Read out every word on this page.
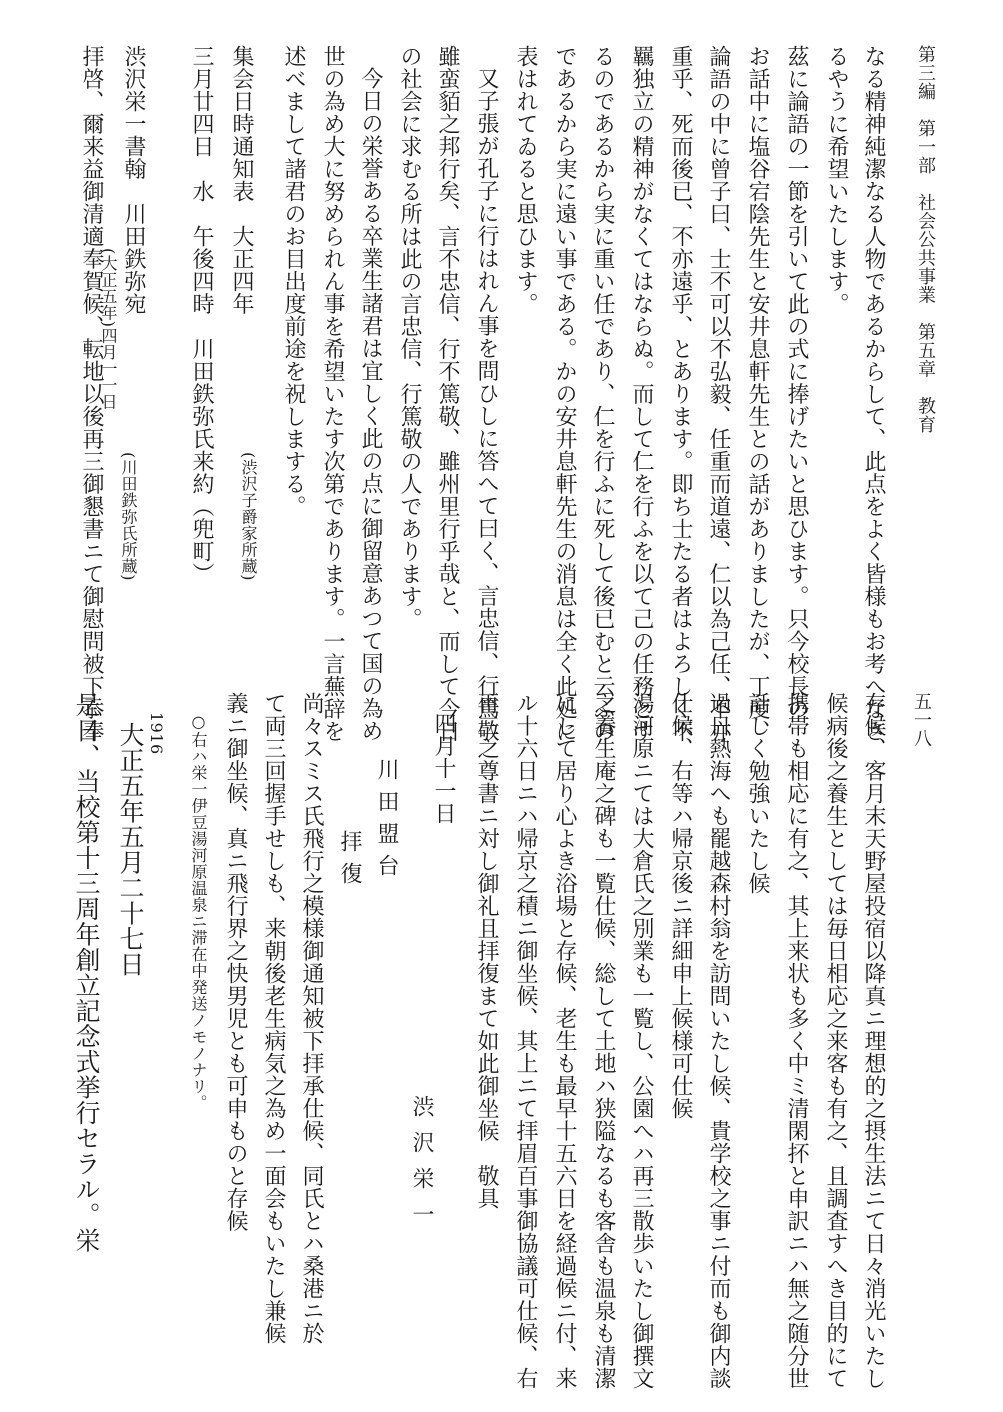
第三編　第一部　社会公共事業　第五章　教育
五一八
なる精神純潔なる人物であるからして、此点をよく皆様もお考へなさ
るやうに希望いたします。
茲に論語の一節を引いて此の式に捧げたいと思ひます。只今校長の
お話中に塩谷宕陰先生と安井息軒先生との話がありましたが、丁度、
論語の中に曾子曰、士不可以不弘毅、任重而道遠、仁以為己任、不亦
重乎、死而後已、不亦遠乎、とあります。即ち士たる者はよろしく不
羈独立の精神がなくてはならぬ。而して仁を行ふを以て己の任務とす
るのであるから実に重い任であり、仁を行ふに死して後已むと云ふの
であるから実に遠い事である。かの安井息軒先生の消息は全く此処に
表はれてゐると思ひます。
又子張が孔子に行はれん事を問ひしに答へて曰く、言忠信、行篤敬
雖蛮貊之邦行矣、言不忠信、行不篤敬、雖州里行乎哉と、而して今日
の社会に求むる所は此の言忠信、行篤敬の人であります。
今日の栄誉ある卒業生諸君は宜しく此の点に御留意あつて国の為め
世の為め大に努められん事を希望いたす次第であります。一言蕪辞を
述べまして諸君のお目出度前途を祝しまする。
(渋沢子爵家所蔵)
集会日時通知表　大正四年
三月廿四日　水　午後四時　川田鉄弥氏来約（兜町）
(川田鉄弥氏所蔵)
渋沢栄一書翰　川田鉄弥宛
(大正五年)四月一一日
拝啓、爾来益御清適奉賀候、転地以後再三御懇書ニて御慰問被下忝奉
存候、客月末天野屋投宿以降真ニ理想的之摂生法ニて日々消光いたし
候病後之養生としては毎日相応之来客も有之、且調査すへき目的にて
携帯も相応に有之、其上来状も多く中ミ清閑抔と申訳ニハ無之随分世
話しく勉強いたし候
過日熱海へも罷越森村翁を訪問いたし候、貴学校之事ニ付而も御内談
仕候、右等ハ帰京後ニ詳細申上候様可仕候
湯河原ニては大倉氏之別業も一覧し、公園へハ再三散歩いたし御撰文
之養生庵之碑も一覧仕候、総して土地ハ狭隘なるも客舎も温泉も清潔
にして居り心よき浴場と存候、老生も最早十五六日を経過候ニ付、来
ル十六日ニハ帰京之積ニ御坐候、其上ニて拝眉百事御協議可仕候、右
再三之尊書ニ対し御礼且拝復まて如此御坐候　敬具
四月十一日
渋沢栄一
川田盟台
拝復
尚々スミス氏飛行之模様御通知被下拝承仕候、同氏とハ桑港ニ於
て両三回握手せしも、来朝後老生病気之為め一面会もいたし兼候
義ニ御坐候、真ニ飛行界之快男児とも可申ものと存候
○右ハ栄一伊豆湯河原温泉ニ滞在中発送ノモノナリ。
1916
大正五年五月二十七日
是日、当校第十三周年創立記念式挙行セラル。栄
